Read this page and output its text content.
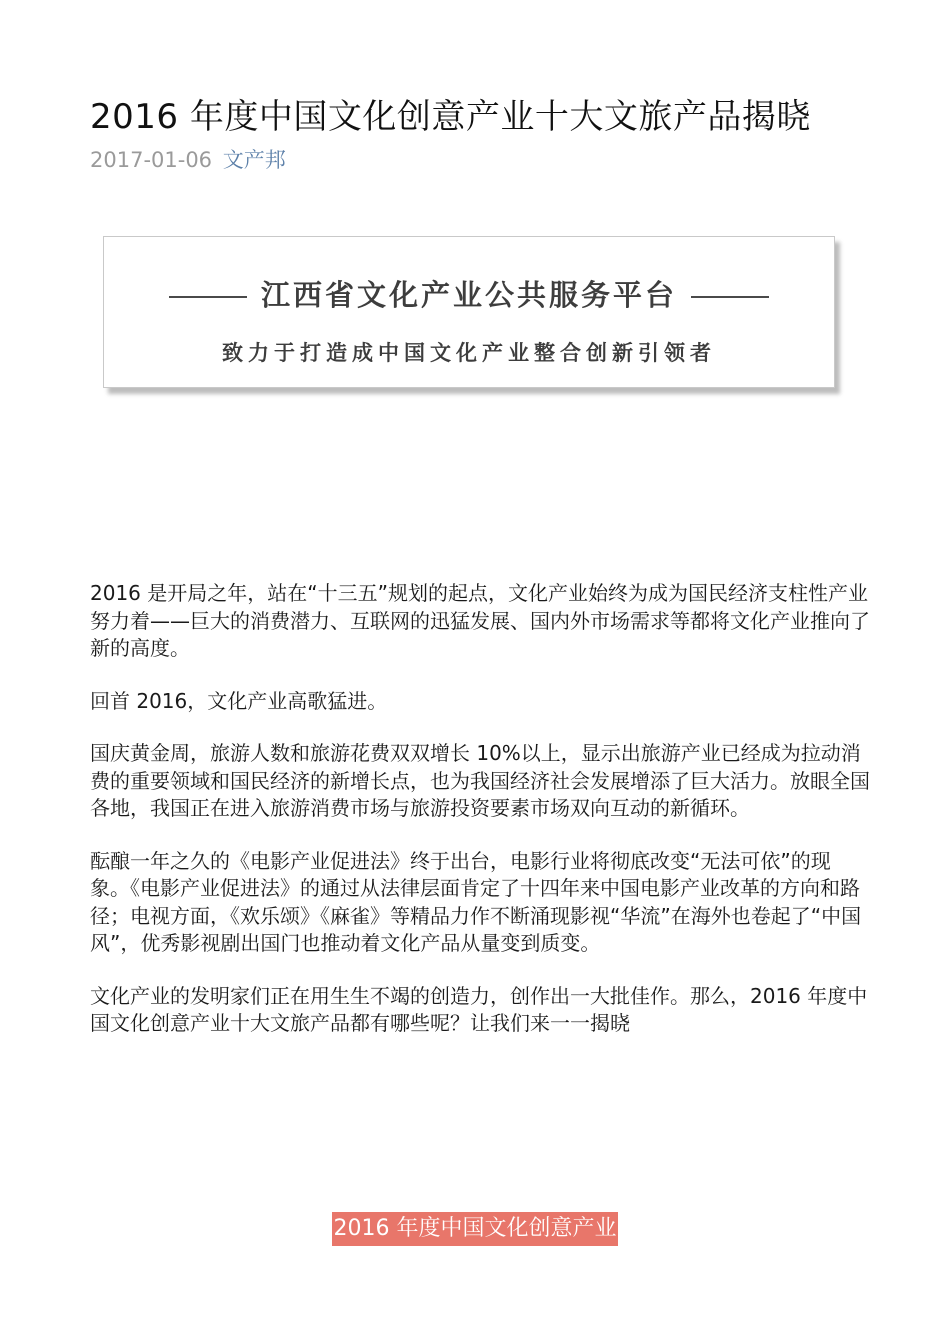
2016 年度中国文化创意产业十大文旅产品揭晓
2017-01-06 文产邦
江西省文化产业公共服务平台
致力于打造成中国文化产业整合创新引领者

2016 是开局之年，站在“十三五”规划的起点，文化产业始终为成为国民经济支柱性产业努力着——巨大的消费潜力、互联网的迅猛发展、国内外市场需求等都将文化产业推向了新的高度。

回首 2016，文化产业高歌猛进。

国庆黄金周，旅游人数和旅游花费双双增长 10%以上，显示出旅游产业已经成为拉动消费的重要领域和国民经济的新增长点，也为我国经济社会发展增添了巨大活力。放眼全国各地，我国正在进入旅游消费市场与旅游投资要素市场双向互动的新循环。

酝酿一年之久的《电影产业促进法》终于出台，电影行业将彻底改变“无法可依”的现象。《电影产业促进法》的通过从法律层面肯定了十四年来中国电影产业改革的方向和路径；电视方面，《欢乐颂》《麻雀》等精品力作不断涌现影视“华流”在海外也卷起了“中国风”，优秀影视剧出国门也推动着文化产品从量变到质变。

文化产业的发明家们正在用生生不竭的创造力，创作出一大批佳作。那么，2016 年度中国文化创意产业十大文旅产品都有哪些呢？让我们来一一揭晓

2016 年度中国文化创意产业
